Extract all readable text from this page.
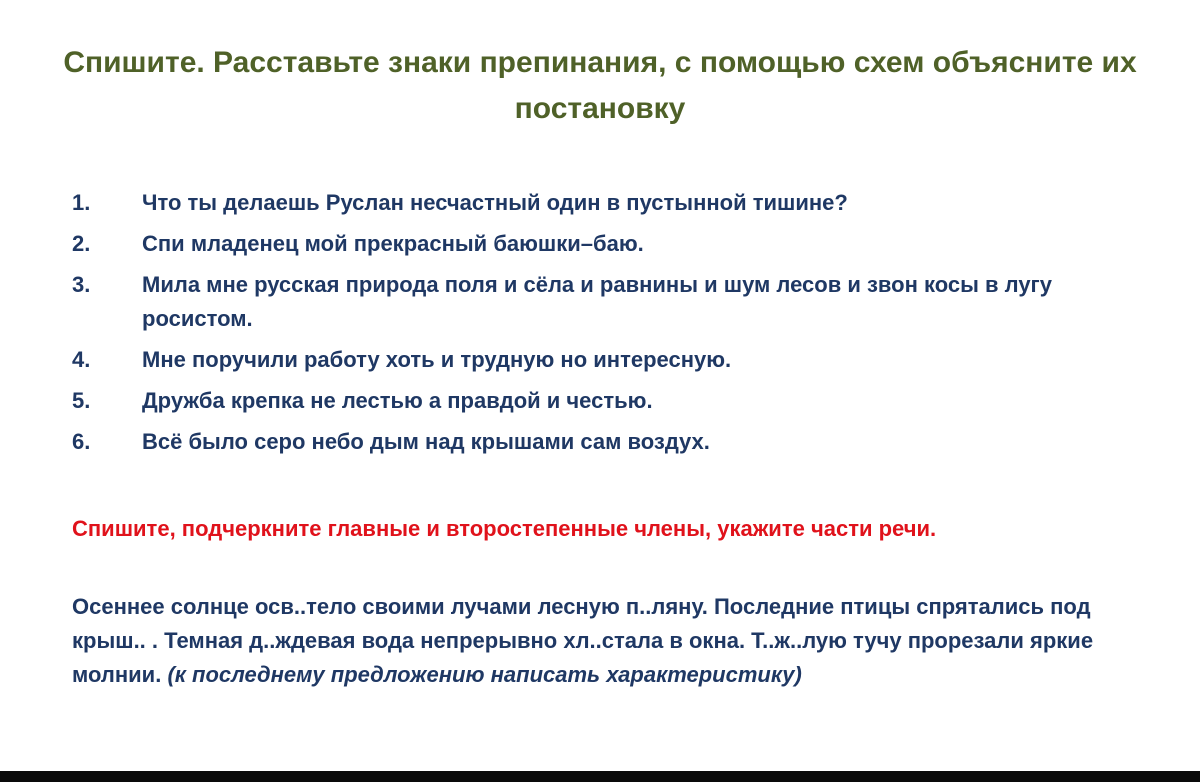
Спишите. Расставьте знаки препинания, с помощью схем объясните их постановку
1.	Что ты делаешь Руслан несчастный один в пустынной тишине?
2.	Спи младенец мой прекрасный баюшки–баю.
3.	Мила мне русская природа поля и сёла и равнины и шум лесов и звон косы в лугу росистом.
4.	Мне поручили работу хоть и трудную но интересную.
5.	Дружба крепка не лестью а правдой и честью.
6.	Всё было серо небо дым над крышами сам воздух.
Спишите, подчеркните главные и второстепенные члены, укажите части речи.
Осеннее солнце осв..тело своими лучами лесную п..ляну. Последние птицы спрятались под крыш.. . Темная д..ждевая вода непрерывно хл..стала в окна. Т..ж..лую тучу прорезали яркие молнии. (к последнему предложению написать характеристику)
